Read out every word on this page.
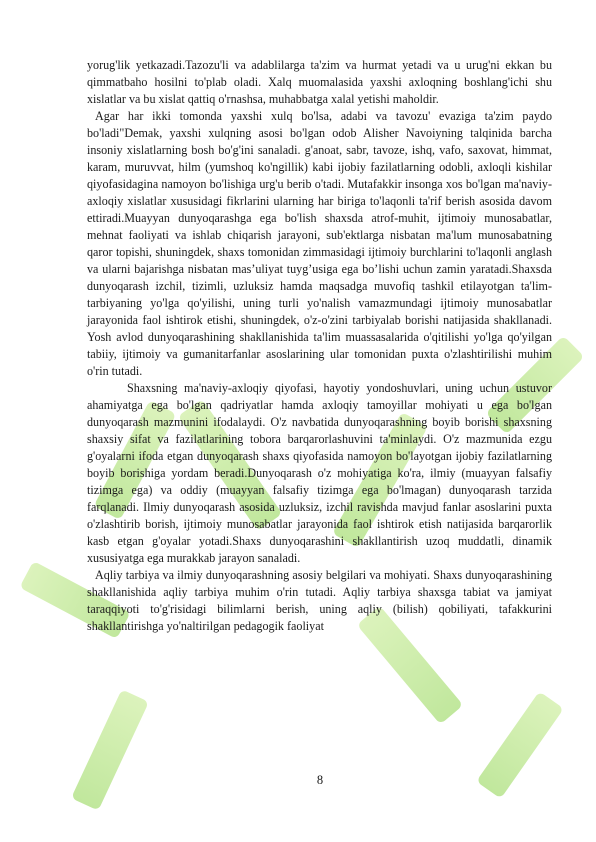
yorug'lik yetkazadi.Tazozu'li va adablilarga ta'zim va hurmat yetadi va u urug'ni ekkan bu qimmatbaho hosilni to'plab oladi. Xalq muomalasida yaxshi axloqning boshlang'ichi shu xislatlar va bu xislat qattiq o'rnashsa, muhabbatga xalal yetishi maholdir.

Agar har ikki tomonda yaxshi xulq bo'lsa, adabi va tavozu' evaziga ta'zim paydo bo'ladi"Demak, yaxshi xulqning asosi bo'lgan odob Alisher Navoiyning talqinida barcha insoniy xislatlarning bosh bo'g'ini sanaladi. g'anoat, sabr, tavoze, ishq, vafo, saxovat, himmat, karam, muruvvat, hilm (yumshoq ko'ngillik) kabi ijobiy fazilatlarning odobli, axloqli kishilar qiyofasidagina namoyon bo'lishiga urg'u berib o'tadi. Mutafakkir insonga xos bo'lgan ma'naviy-axloqiy xislatlar xususidagi fikrlarini ularning har biriga to'laqonli ta'rif berish asosida davom ettiradi.Muayyan dunyoqarashga ega bo'lish shaxsda atrof-muhit, ijtimoiy munosabatlar, mehnat faoliyati va ishlab chiqarish jarayoni, sub'ektlarga nisbatan ma'lum munosabatning qaror topishi, shuningdek, shaxs tomonidan zimmasidagi ijtimoiy burchlarini to'laqonli anglash va ularni bajarishga nisbatan mas’uliyat tuyg’usiga ega bo’lishi uchun zamin yaratadi.Shaxsda dunyoqarash izchil, tizimli, uzluksiz hamda maqsadga muvofiq tashkil etilayotgan ta'lim-tarbiyaning yo'lga qo'yilishi, uning turli yo'nalish vamazmundagi ijtimoiy munosabatlar jarayonida faol ishtirok etishi, shuningdek, o'z-o'zini tarbiyalab borishi natijasida shakllanadi. Yosh avlod dunyoqarashining shakllanishida ta'lim muassasalarida o'qitilishi yo'lga qo'yilgan tabiiy, ijtimoiy va gumanitarfanlar asoslarining ular tomonidan puxta o'zlashtirilishi muhim o'rin tutadi.

Shaxsning ma'naviy-axloqiy qiyofasi, hayotiy yondoshuvlari, uning uchun ustuvor ahamiyatga ega bo'lgan qadriyatlar hamda axloqiy tamoyillar mohiyati u ega bo'lgan dunyoqarash mazmunini ifodalaydi. O'z navbatida dunyoqarashning boyib borishi shaxsning shaxsiy sifat va fazilatlarining tobora barqarorlashuvini ta'minlaydi. O'z mazmunida ezgu g'oyalarni ifoda etgan dunyoqarash shaxs qiyofasida namoyon bo'layotgan ijobiy fazilatlarning boyib borishiga yordam beradi.Dunyoqarash o'z mohiyatiga ko'ra, ilmiy (muayyan falsafiy tizimga ega) va oddiy (muayyan falsafiy tizimga ega bo'lmagan) dunyoqarash tarzida farqlanadi. Ilmiy dunyoqarash asosida uzluksiz, izchil ravishda mavjud fanlar asoslarini puxta o'zlashtirib borish, ijtimoiy munosabatlar jarayonida faol ishtirok etish natijasida barqarorlik kasb etgan g'oyalar yotadi.Shaxs dunyoqarashini shakllantirish uzoq muddatli, dinamik xususiyatga ega murakkab jarayon sanaladi.

Aqliy tarbiya va ilmiy dunyoqarashning asosiy belgilari va mohiyati. Shaxs dunyoqarashining shakllanishida aqliy tarbiya muhim o'rin tutadi. Aqliy tarbiya shaxsga tabiat va jamiyat taraqqiyoti to'g'risidagi bilimlarni berish, uning aqliy (bilish) qobiliyati, tafakkurini shakllantirishga yo'naltirilgan pedagogik faoliyat

8
